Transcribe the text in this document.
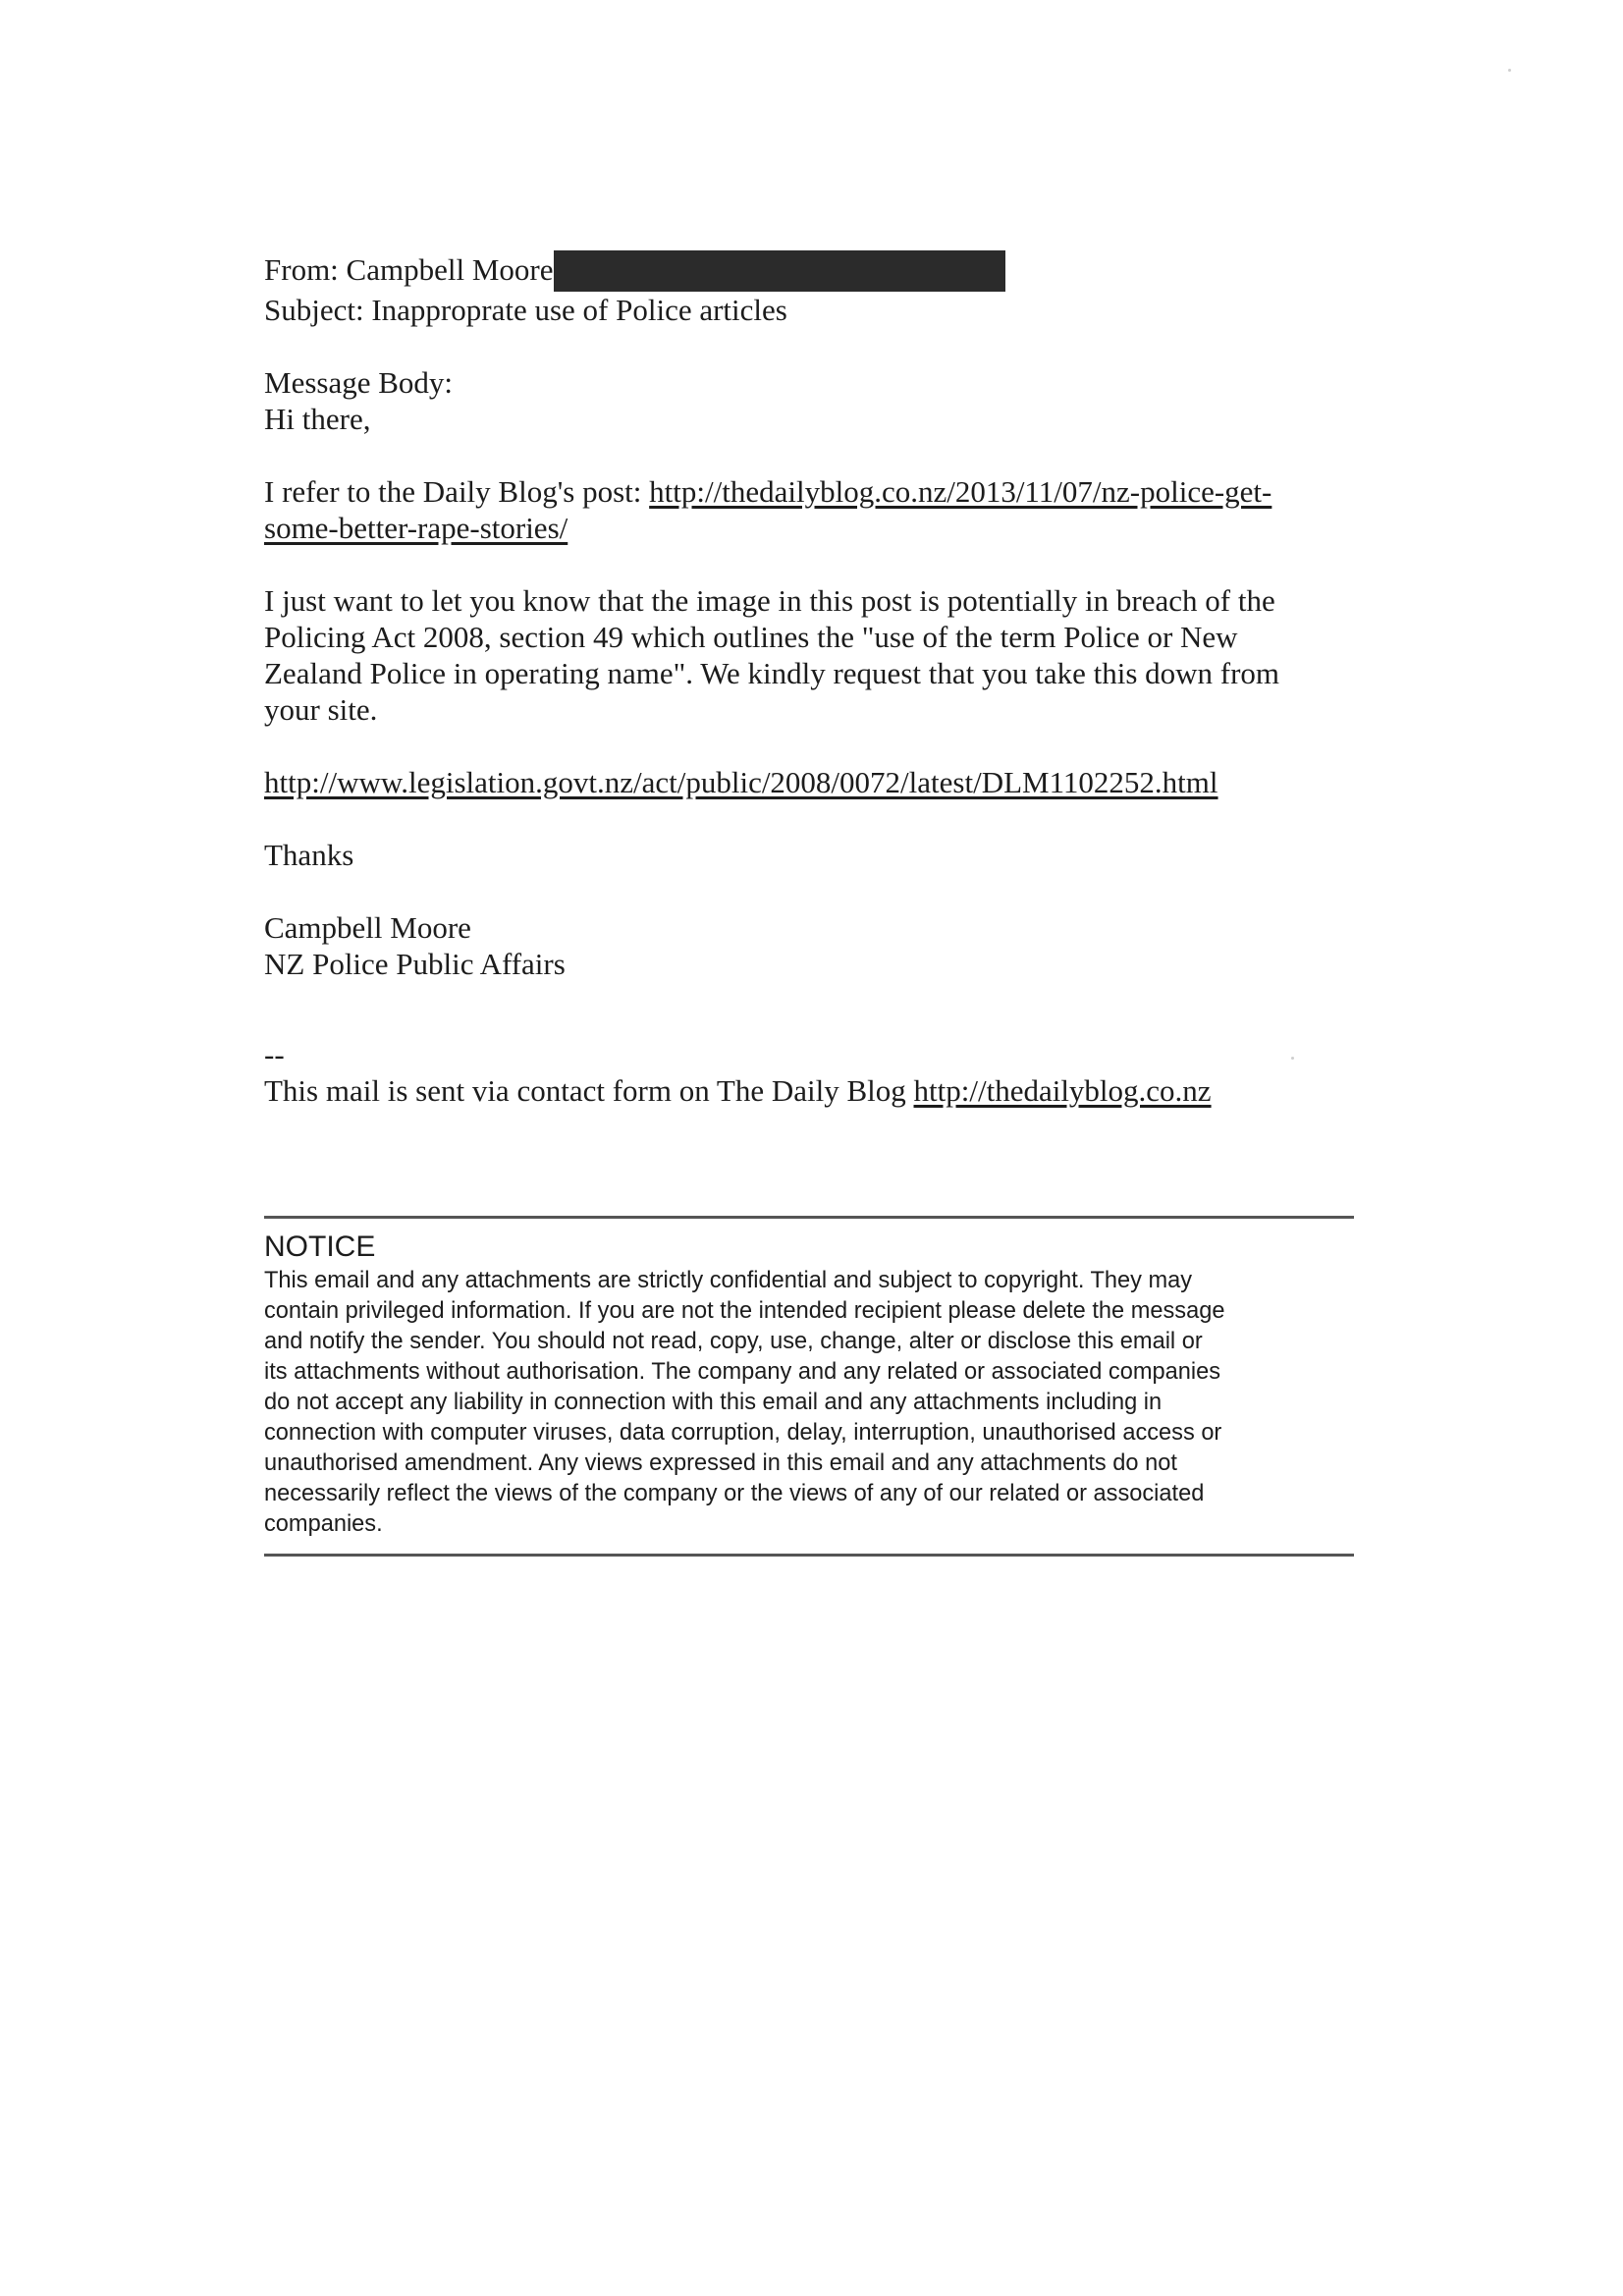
From: Campbell Moore
Subject: Inapproprate use of Police articles
Message Body:
Hi there,
I refer to the Daily Blog's post: http://thedailyblog.co.nz/2013/11/07/nz-police-get-
some-better-rape-stories/
I just want to let you know that the image in this post is potentially in breach of the
Policing Act 2008, section 49 which outlines the "use of the term Police or New
Zealand Police in operating name". We kindly request that you take this down from
your site.
http://www.legislation.govt.nz/act/public/2008/0072/latest/DLM1102252.html
Thanks
Campbell Moore
NZ Police Public Affairs
--
This mail is sent via contact form on The Daily Blog http://thedailyblog.co.nz
NOTICE
This email and any attachments are strictly confidential and subject to copyright. They may
contain privileged information. If you are not the intended recipient please delete the message
and notify the sender. You should not read, copy, use, change, alter or disclose this email or
its attachments without authorisation. The company and any related or associated companies
do not accept any liability in connection with this email and any attachments including in
connection with computer viruses, data corruption, delay, interruption, unauthorised access or
unauthorised amendment. Any views expressed in this email and any attachments do not
necessarily reflect the views of the company or the views of any of our related or associated
companies.
